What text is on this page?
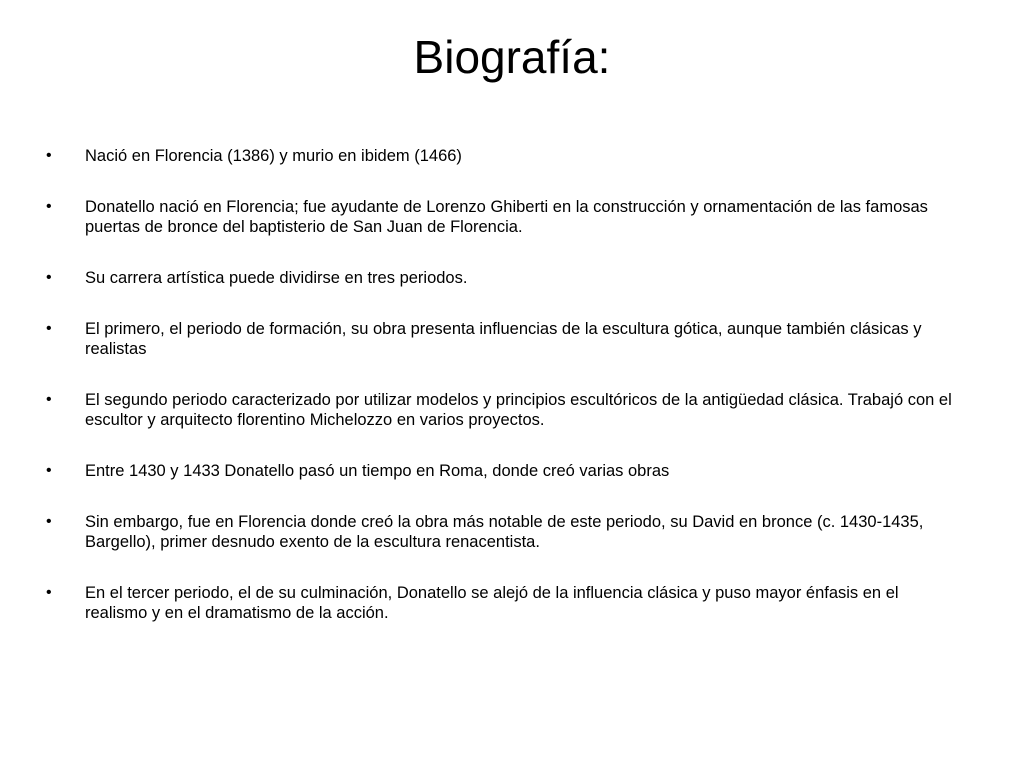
Biografía:
• Nació en Florencia (1386) y murio en ibidem (1466)
• Donatello nació en Florencia; fue ayudante de Lorenzo Ghiberti en la construcción y ornamentación de las famosas puertas de bronce del baptisterio de San Juan de Florencia.
• Su carrera artística puede dividirse en tres periodos.
• El primero, el periodo de formación, su obra presenta influencias de la escultura gótica, aunque también clásicas y realistas
• El segundo periodo caracterizado por utilizar modelos y principios escultóricos de la antigüedad clásica. Trabajó con el escultor y arquitecto florentino Michelozzo en varios proyectos.
• Entre 1430 y 1433 Donatello pasó un tiempo en Roma, donde creó varias obras
• Sin embargo, fue en Florencia donde creó la obra más notable de este periodo, su David en bronce (c. 1430-1435, Bargello), primer desnudo exento de la escultura renacentista.
• En el tercer periodo, el de su culminación, Donatello se alejó de la influencia clásica y puso mayor énfasis en el realismo y en el dramatismo de la acción.
